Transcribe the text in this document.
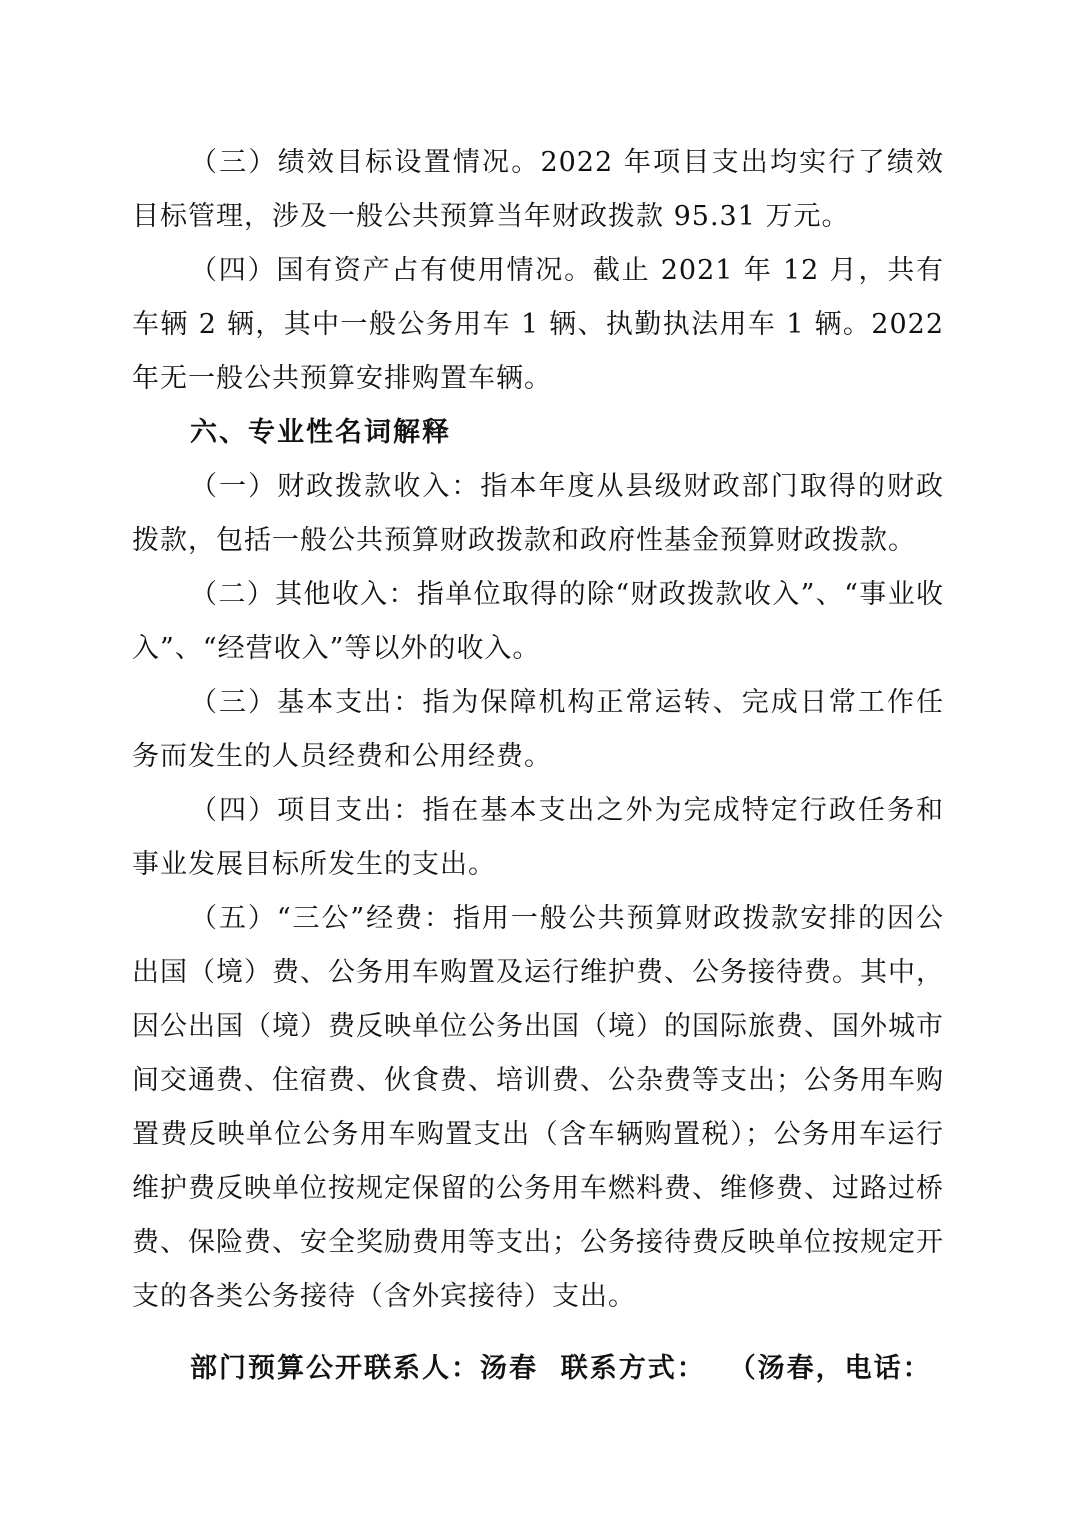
（三）绩效目标设置情况。2022 年项目支出均实行了绩效目标管理，涉及一般公共预算当年财政拨款 95.31 万元。

（四）国有资产占有使用情况。截止 2021 年 12 月，共有车辆 2 辆，其中一般公务用车 1 辆、执勤执法用车 1 辆。2022 年无一般公共预算安排购置车辆。

六、专业性名词解释

（一）财政拨款收入：指本年度从县级财政部门取得的财政拨款，包括一般公共预算财政拨款和政府性基金预算财政拨款。

（二）其他收入：指单位取得的除“财政拨款收入”、“事业收入”、“经营收入”等以外的收入。

（三）基本支出：指为保障机构正常运转、完成日常工作任务而发生的人员经费和公用经费。

（四）项目支出：指在基本支出之外为完成特定行政任务和事业发展目标所发生的支出。

（五）“三公”经费：指用一般公共预算财政拨款安排的因公出国（境）费、公务用车购置及运行维护费、公务接待费。其中，因公出国（境）费反映单位公务出国（境）的国际旅费、国外城市间交通费、住宿费、伙食费、培训费、公杂费等支出；公务用车购置费反映单位公务用车购置支出（含车辆购置税）；公务用车运行维护费反映单位按规定保留的公务用车燃料费、维修费、过路过桥费、保险费、安全奖励费用等支出；公务接待费反映单位按规定开支的各类公务接待（含外宾接待）支出。

部门预算公开联系人：汤春  联系方式：  （汤春，电话：
